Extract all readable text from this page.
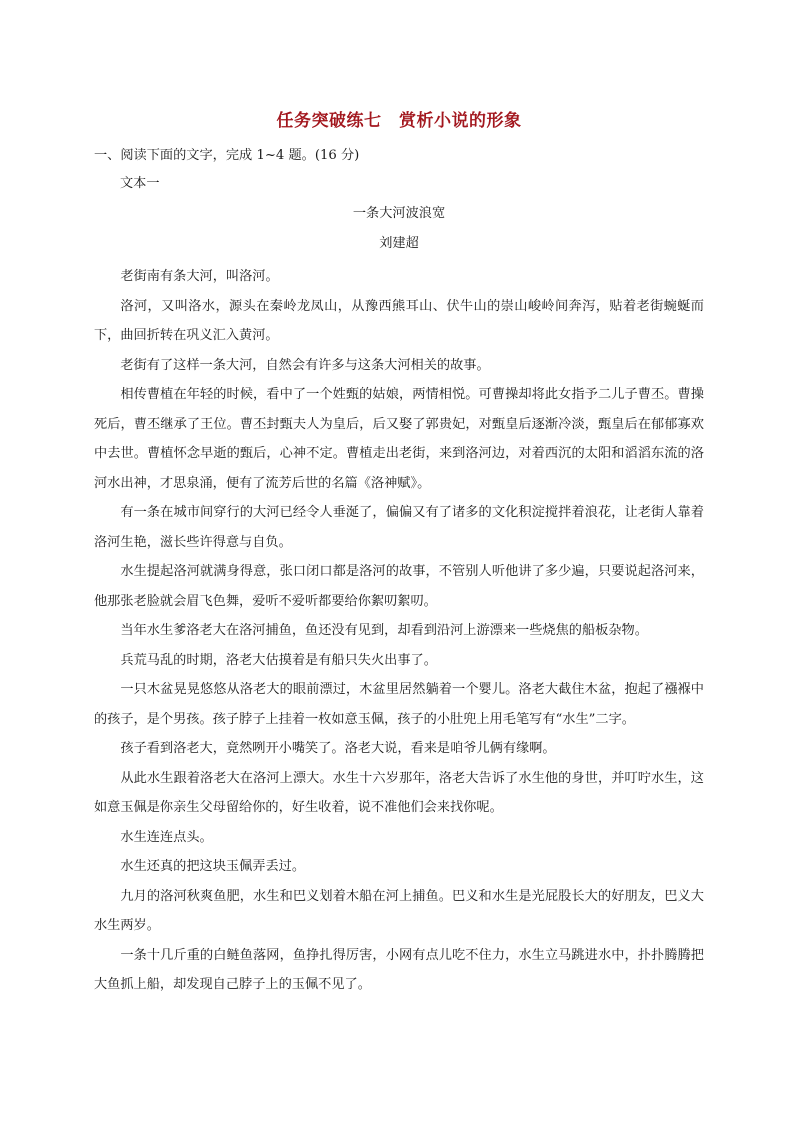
任务突破练七　赏析小说的形象
一、阅读下面的文字，完成 1~4 题。(16 分)
文本一
一条大河波浪宽
刘建超

老街南有条大河，叫洛河。

洛河，又叫洛水，源头在秦岭龙凤山，从豫西熊耳山、伏牛山的崇山峻岭间奔泻，贴着老街蜿蜒而下，曲回折转在巩义汇入黄河。

老街有了这样一条大河，自然会有许多与这条大河相关的故事。

相传曹植在年轻的时候，看中了一个姓甄的姑娘，两情相悦。可曹操却将此女指予二儿子曹丕。曹操死后，曹丕继承了王位。曹丕封甄夫人为皇后，后又娶了郭贵妃，对甄皇后逐渐冷淡，甄皇后在郁郁寡欢中去世。曹植怀念早逝的甄后，心神不定。曹植走出老街，来到洛河边，对着西沉的太阳和滔滔东流的洛河水出神，才思泉涌，便有了流芳后世的名篇《洛神赋》。

有一条在城市间穿行的大河已经令人垂涎了，偏偏又有了诸多的文化积淀搅拌着浪花，让老街人靠着洛河生艳，滋长些许得意与自负。

水生提起洛河就满身得意，张口闭口都是洛河的故事，不管别人听他讲了多少遍，只要说起洛河来，他那张老脸就会眉飞色舞，爱听不爱听都要给你絮叨絮叨。

当年水生爹洛老大在洛河捕鱼，鱼还没有见到，却看到沿河上游漂来一些烧焦的船板杂物。

兵荒马乱的时期，洛老大估摸着是有船只失火出事了。

一只木盆晃晃悠悠从洛老大的眼前漂过，木盆里居然躺着一个婴儿。洛老大截住木盆，抱起了襁褓中的孩子，是个男孩。孩子脖子上挂着一枚如意玉佩，孩子的小肚兜上用毛笔写有“水生”二字。

孩子看到洛老大，竟然咧开小嘴笑了。洛老大说，看来是咱爷儿俩有缘啊。

从此水生跟着洛老大在洛河上漂大。水生十六岁那年，洛老大告诉了水生他的身世，并叮咛水生，这如意玉佩是你亲生父母留给你的，好生收着，说不准他们会来找你呢。

水生连连点头。

水生还真的把这块玉佩弄丢过。

九月的洛河秋爽鱼肥，水生和巴义划着木船在河上捕鱼。巴义和水生是光屁股长大的好朋友，巴义大水生两岁。

一条十几斤重的白鲢鱼落网，鱼挣扎得厉害，小网有点儿吃不住力，水生立马跳进水中，扑扑腾腾把大鱼抓上船，却发现自己脖子上的玉佩不见了。
